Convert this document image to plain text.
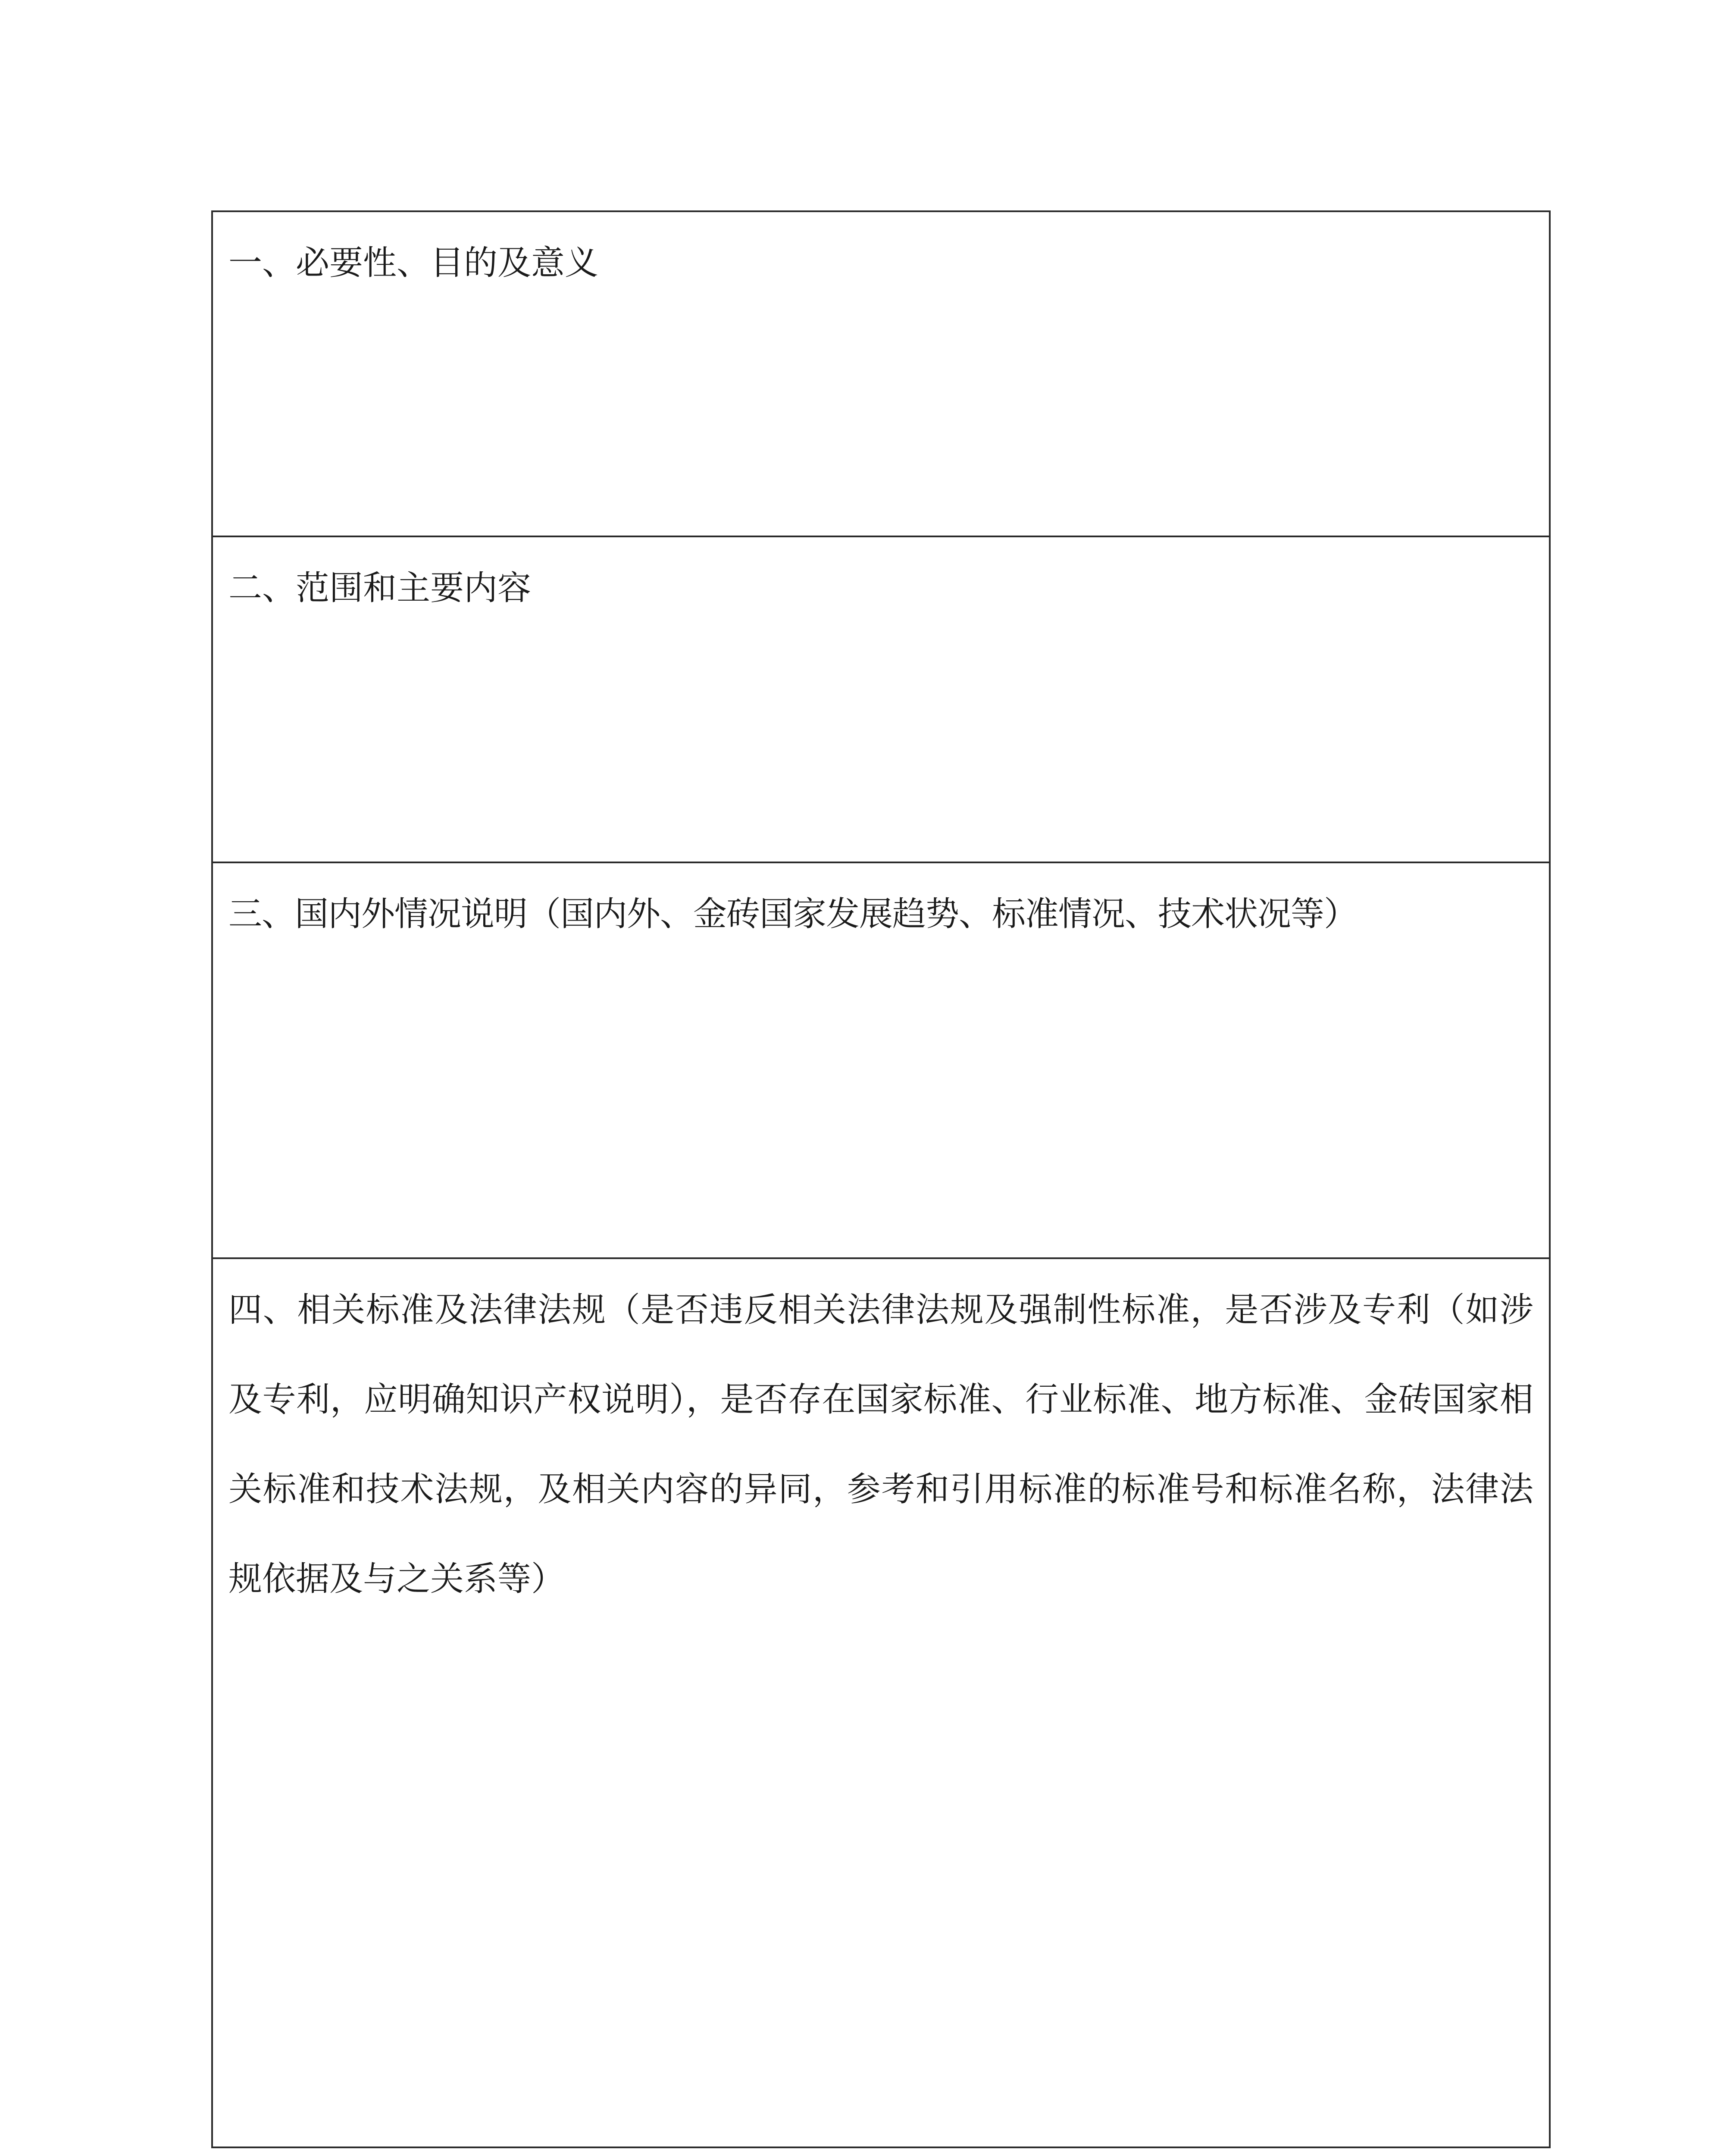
一、必要性、目的及意义

二、范围和主要内容

三、国内外情况说明（国内外、金砖国家发展趋势、标准情况、技术状况等）

四、相关标准及法律法规（是否违反相关法律法规及强制性标准，是否涉及专利（如涉及专利，应明确知识产权说明），是否存在国家标准、行业标准、地方标准、金砖国家相关标准和技术法规，及相关内容的异同，参考和引用标准的标准号和标准名称，法律法规依据及与之关系等）
